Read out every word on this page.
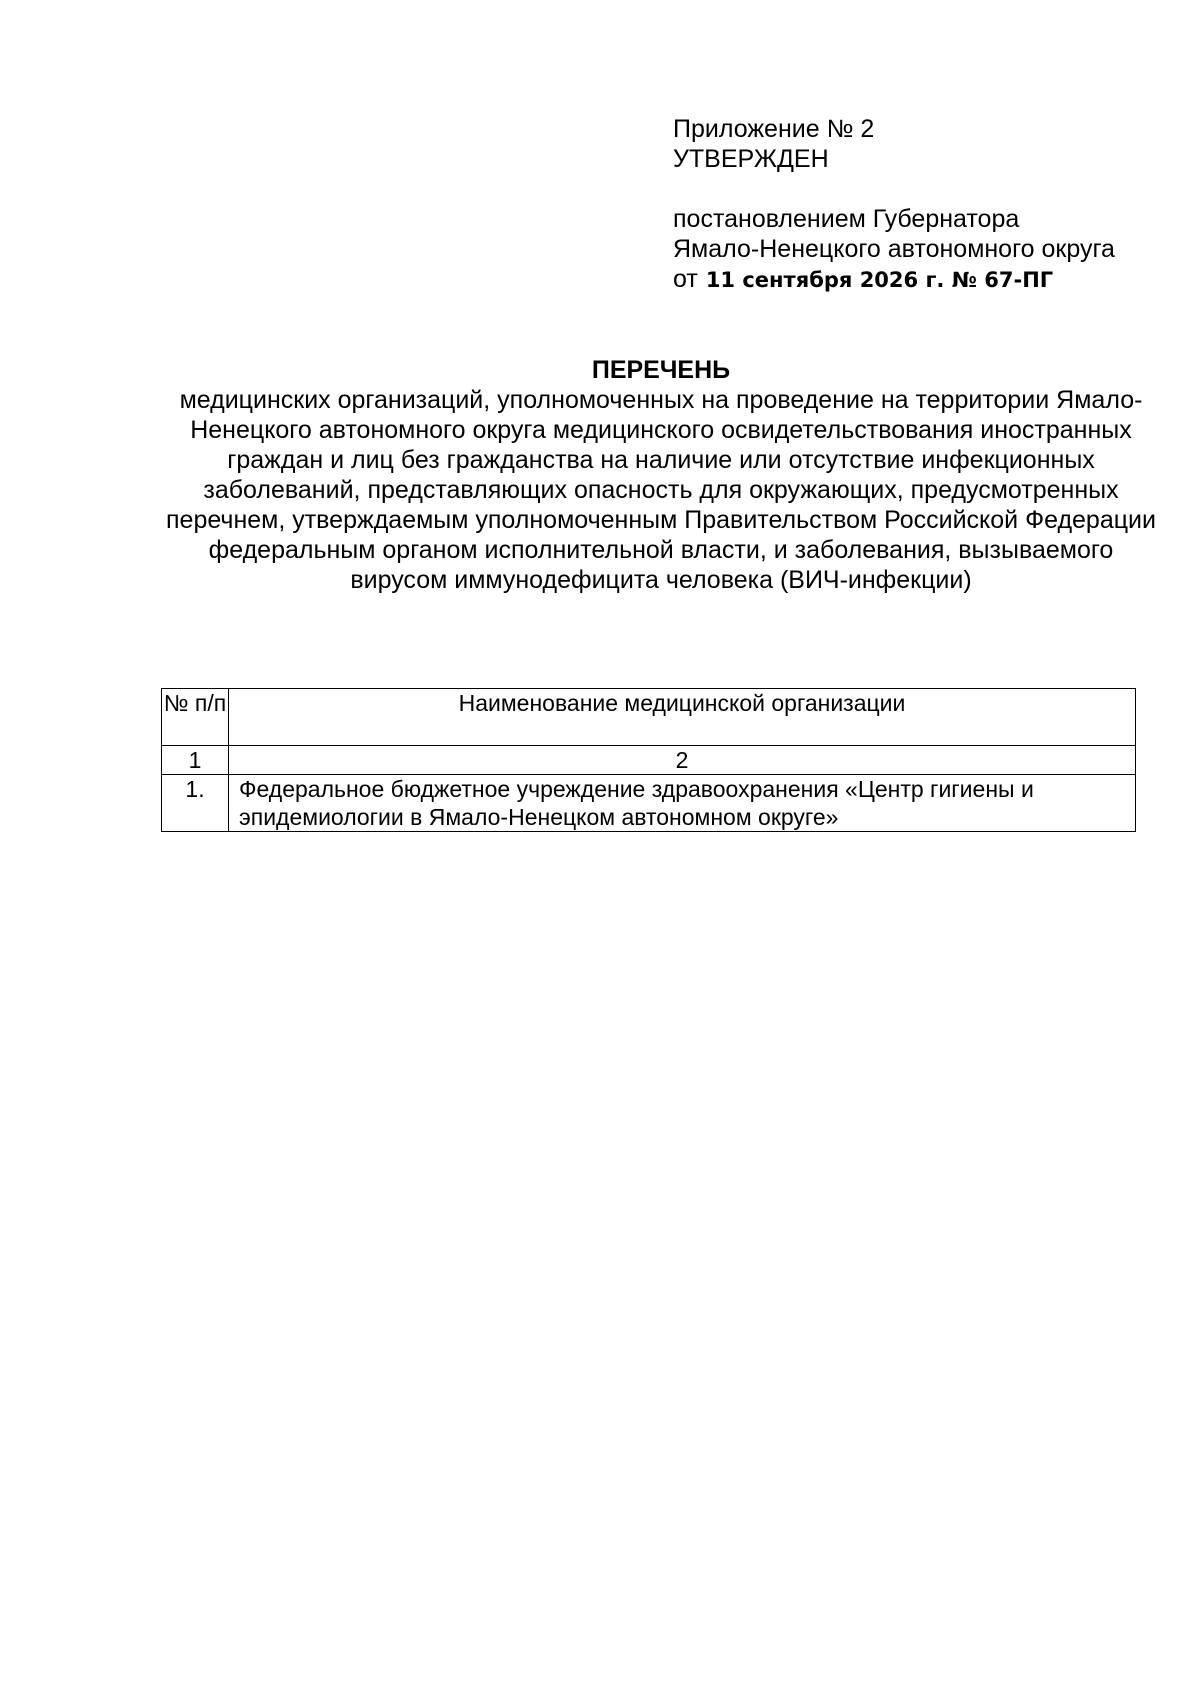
Приложение № 2
УТВЕРЖДЕН
постановлением Губернатора
Ямало-Ненецкого автономного округа
от 11 сентября 2026 г. № 67-ПГ
ПЕРЕЧЕНЬ
медицинских организаций, уполномоченных на проведение на территории Ямало-Ненецкого автономного округа медицинского освидетельствования иностранных граждан и лиц без гражданства на наличие или отсутствие инфекционных заболеваний, представляющих опасность для окружающих, предусмотренных перечнем, утверждаемым уполномоченным Правительством Российской Федерации федеральным органом исполнительной власти, и заболевания, вызываемого вирусом иммунодефицита человека (ВИЧ-инфекции)
№ п/п	Наименование медицинской организации
1	2
1.	Федеральное бюджетное учреждение здравоохранения «Центр гигиены и эпидемиологии в Ямало-Ненецком автономном округе»
